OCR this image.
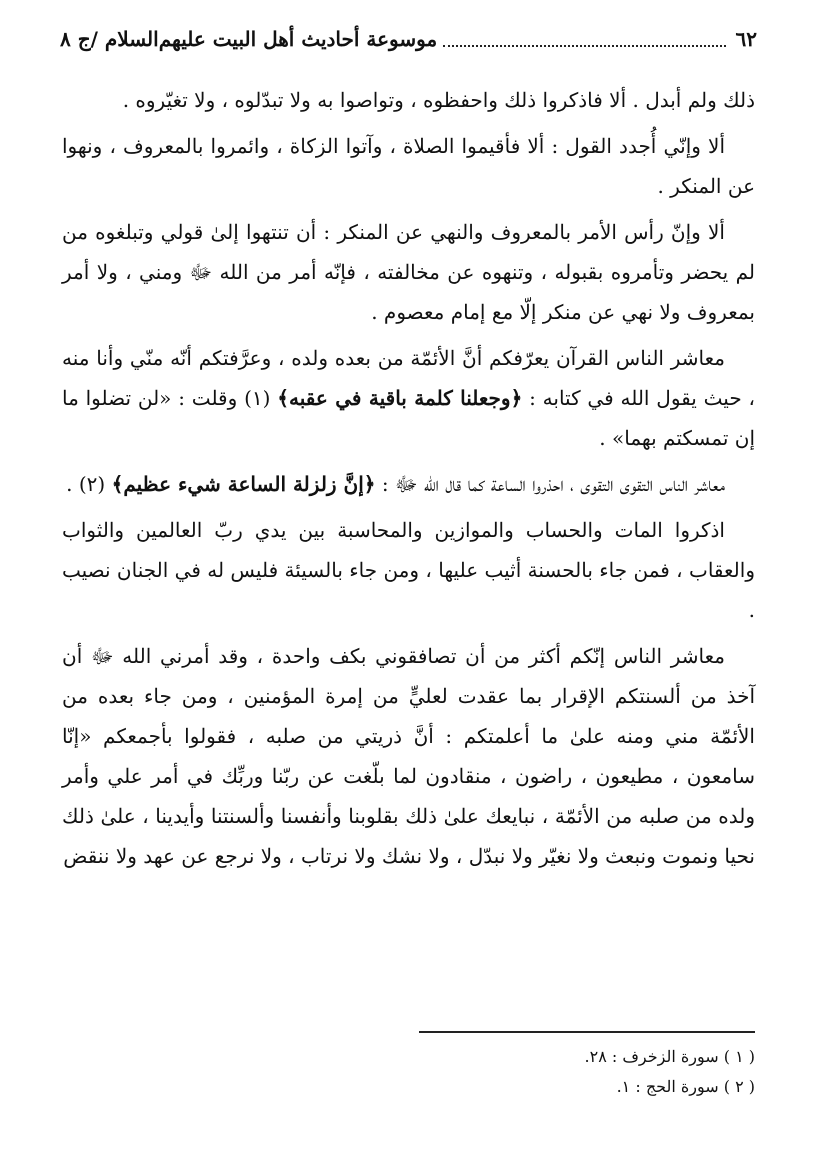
٦٢
موسوعة أحاديث أهل البيت عليهم‌السلام /ج ٨

ذلك ولم أبدل . ألا فاذكروا ذلك واحفظوه ، وتواصوا به ولا تبدّلوه ، ولا تغيّروه .

ألا وإنّي أُجدد القول : ألا فأقيموا الصلاة ، وآتوا الزكاة ، وائمروا بالمعروف ، ونهوا عن المنكر .

ألا وإنّ رأس الأمر بالمعروف والنهي عن المنكر : أن تنتهوا إلىٰ قولي وتبلغوه من لم يحضر وتأمروه بقبوله ، وتنهوه عن مخالفته ، فإنّه أمر من الله ﷻ ومني ، ولا أمر بمعروف ولا نهي عن منكر إلّا مع إمام معصوم .

معاشر الناس القرآن يعرّفكم أنَّ الأئمّة من بعده ولده ، وعرَّفتكم أنّه منّي وأنا منه ، حيث يقول الله في كتابه : ﴿وجعلنا كلمة باقية في عقبه﴾ (١) وقلت : «لن تضلوا ما إن تمسكتم بهما» .

معاشر الناس التقوى التقوى ، احذروا الساعة كما قال الله ﷻ : ﴿إنَّ زلزلة الساعة شيء عظيم﴾ (٢) .

اذكروا المات والحساب والموازين والمحاسبة بين يدي ربّ العالمين والثواب والعقاب ، فمن جاء بالحسنة أثيب عليها ، ومن جاء بالسيئة فليس له في الجنان نصيب .

معاشر الناس إنّكم أكثر من أن تصافقوني بكف واحدة ، وقد أمرني الله ﷻ أن آخذ من ألسنتكم الإقرار بما عقدت لعليٍّ من إمرة المؤمنين ، ومن جاء بعده من الأئمّة مني ومنه علىٰ ما أعلمتكم : أنَّ ذريتي من صلبه ، فقولوا بأجمعكم «إنّا سامعون ، مطيعون ، راضون ، منقادون لما بلّغت عن ربّنا وربِّك في أمر علي وأمر ولده من صلبه من الأئمّة ، نبايعك علىٰ ذلك بقلوبنا وأنفسنا وألسنتنا وأيدينا ، علىٰ ذلك نحيا ونموت ونبعث ولا نغيّر ولا نبدّل ، ولا نشك ولا نرتاب ، ولا نرجع عن عهد ولا ننقض

( ١ ) سورة الزخرف : ٢٨.
( ٢ ) سورة الحج : ١.
